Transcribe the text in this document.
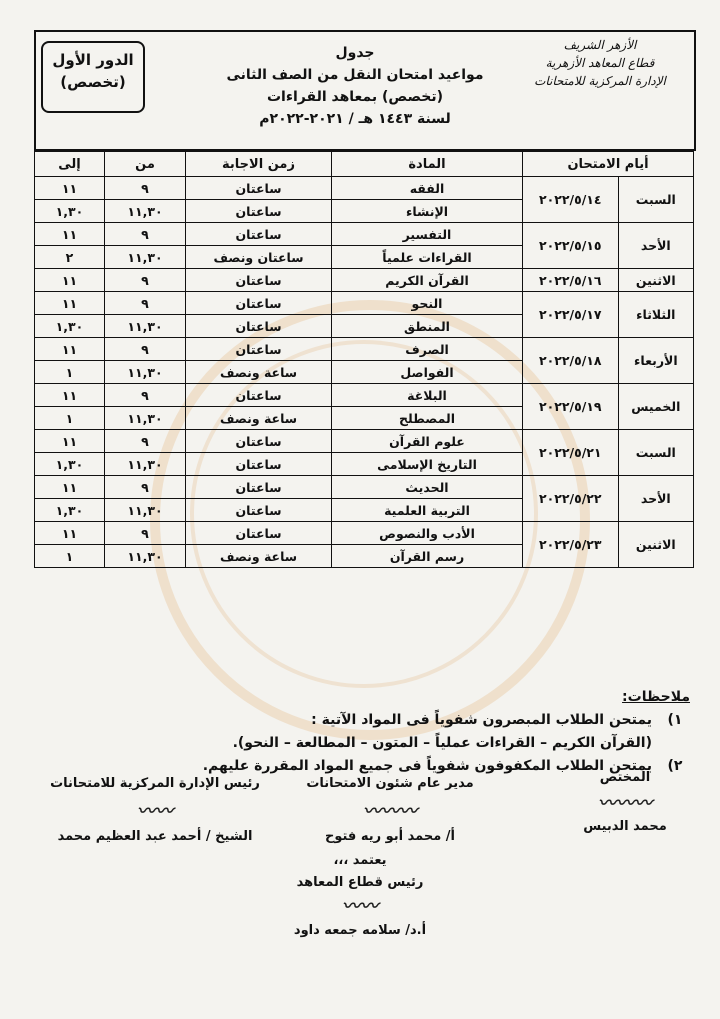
الدور الأول
(تخصص)
جدول
مواعيد امتحان النقل من الصف الثانى
(تخصص) بمعاهد القراءات
لسنة ١٤٤٣ هـ / ٢٠٢١-٢٠٢٢م
الأزهر الشريف
قطاع المعاهد الأزهرية
الإدارة المركزية للامتحانات
أيام الامتحان		المادة	زمن الاجابة	من	إلى
السبت	٢٠٢٢/٥/١٤	الفقه	ساعتان	٩	١١
		الإنشاء	ساعتان	١١,٣٠	١,٣٠
الأحد	٢٠٢٢/٥/١٥	التفسير	ساعتان	٩	١١
		القراءات علمياً	ساعتان ونصف	١١,٣٠	٢
الاثنين	٢٠٢٢/٥/١٦	القرآن الكريم	ساعتان	٩	١١
الثلاثاء	٢٠٢٢/٥/١٧	النحو	ساعتان	٩	١١
		المنطق	ساعتان	١١,٣٠	١,٣٠
الأربعاء	٢٠٢٢/٥/١٨	الصرف	ساعتان	٩	١١
		الفواصل	ساعة ونصف	١١,٣٠	١
الخميس	٢٠٢٢/٥/١٩	البلاغة	ساعتان	٩	١١
		المصطلح	ساعة ونصف	١١,٣٠	١
السبت	٢٠٢٢/٥/٢١	علوم القرآن	ساعتان	٩	١١
		التاريخ الإسلامى	ساعتان	١١,٣٠	١,٣٠
الأحد	٢٠٢٢/٥/٢٢	الحديث	ساعتان	٩	١١
		التربية العلمية	ساعتان	١١,٣٠	١,٣٠
الاثنين	٢٠٢٢/٥/٢٣	الأدب والنصوص	ساعتان	٩	١١
		رسم القرآن	ساعة ونصف	١١,٣٠	١
ملاحظات:
١)
يمتحن الطلاب المبصرون شفوياً فى المواد الآتية :
(القرآن الكريم – القراءات عملياً – المتون – المطالعة – النحو).
٢)
يمتحن الطلاب المكفوفون شفوياً فى جميع المواد المقررة عليهم.
رئيس الإدارة المركزية للامتحانات
〰〰
الشيخ / أحمد عبد العظيم محمد
مدير عام شئون الامتحانات
〰〰〰
أ/ محمد أبو ريه فتوح
المختص
〰〰〰
محمد الدبيس
يعتمد ،،،
رئيس قطاع المعاهد
〰〰
أ.د/ سلامه جمعه داود
